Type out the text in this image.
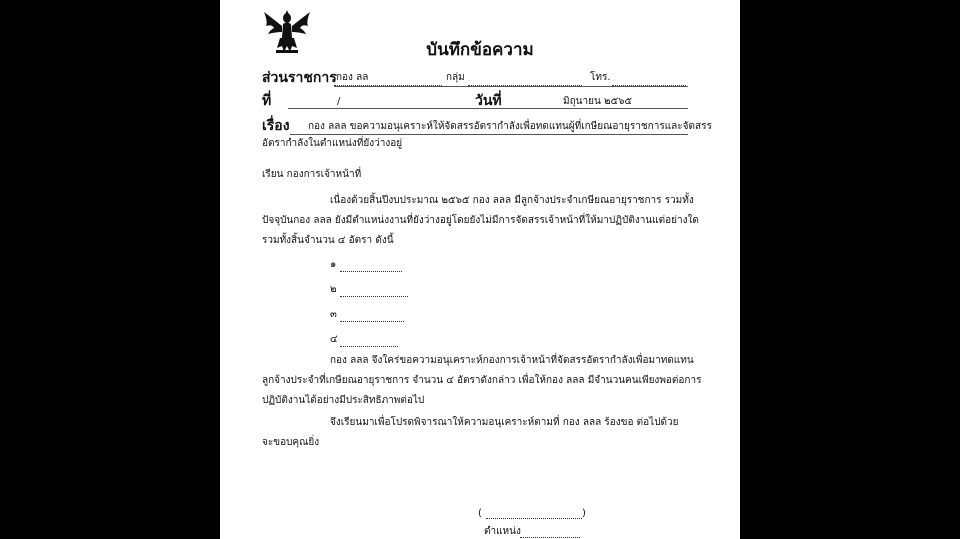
บันทึกข้อความ
ส่วนราชการ กอง ลล	กลุ่ม	โทร.
ที่	/	วันที่	มิถุนายน ๒๕๖๕
เรื่อง กอง ลลล ขอความอนุเคราะห์ให้จัดสรรอัตรากำลังเพื่อทดแทนผู้ที่เกษียณอายุราชการและจัดสรร
อัตรากำลังในตำแหน่งที่ยังว่างอยู่
เรียน กองการเจ้าหน้าที่
เนื่องด้วยสิ้นปีงบประมาณ ๒๕๖๕ กอง ลลล มีลูกจ้างประจำเกษียณอายุราชการ รวมทั้ง
ปัจจุบันกอง ลลล ยังมีตำแหน่งงานที่ยังว่างอยู่โดยยังไม่มีการจัดสรรเจ้าหน้าที่ให้มาปฏิบัติงานแต่อย่างใด
รวมทั้งสิ้นจำนวน ๔ อัตรา ดังนี้
๑
๒
๓
๔
กอง ลลล จึงใคร่ขอความอนุเคราะห์กองการเจ้าหน้าที่จัดสรรอัตรากำลังเพื่อมาทดแทน
ลูกจ้างประจำที่เกษียณอายุราชการ จำนวน ๔ อัตราดังกล่าว เพื่อให้กอง ลลล มีจำนวนคนเพียงพอต่อการ
ปฏิบัติงานได้อย่างมีประสิทธิภาพต่อไป
จึงเรียนมาเพื่อโปรดพิจารณาให้ความอนุเคราะห์ตามที่ กอง ลลล ร้องขอ ต่อไปด้วย
จะขอบคุณยิ่ง
(	)
ตำแหน่ง
